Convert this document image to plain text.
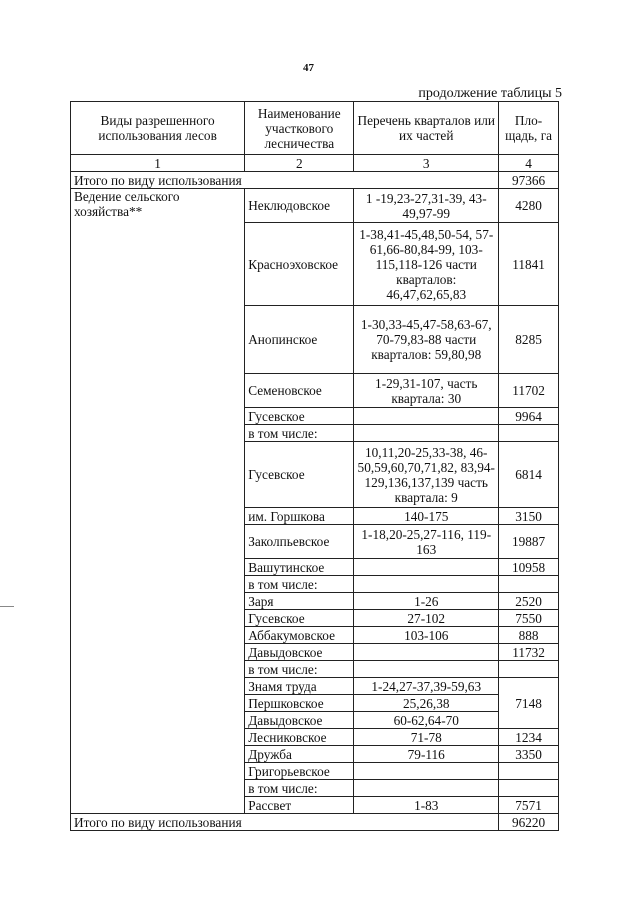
47
продолжение таблицы 5
Виды разрешенного использования лесов	Наименование участкового лесничества	Перечень кварталов или их частей	Пло-щадь, га
1	2	3	4
Итого по виду использования			97366
Ведение сельского хозяйства**	Неклюдовское	1 -19,23-27,31-39, 43-49,97-99	4280
	Красноэховское	1-38,41-45,48,50-54, 57-61,66-80,84-99, 103-115,118-126 части кварталов: 46,47,62,65,83	11841
	Анопинское	1-30,33-45,47-58,63-67, 70-79,83-88 части кварталов: 59,80,98	8285
	Семеновское	1-29,31-107, часть квартала: 30	11702
	Гусевское		9964
	в том числе:		
	Гусевское	10,11,20-25,33-38, 46-50,59,60,70,71,82, 83,94-129,136,137,139 часть квартала: 9	6814
	им. Горшкова	140-175	3150
	Заколпьевское	1-18,20-25,27-116, 119-163	19887
	Вашутинское		10958
	в том числе:		
	Заря	1-26	2520
	Гусевское	27-102	7550
	Аббакумовское	103-106	888
	Давыдовское		11732
	в том числе:		
	Знамя труда	1-24,27-37,39-59,63	7148
	Першковское	25,26,38	
	Давыдовское	60-62,64-70	
	Лесниковское	71-78	1234
	Дружба	79-116	3350
	Григорьевское		
	в том числе:		
	Рассвет	1-83	7571
Итого по виду использования			96220
